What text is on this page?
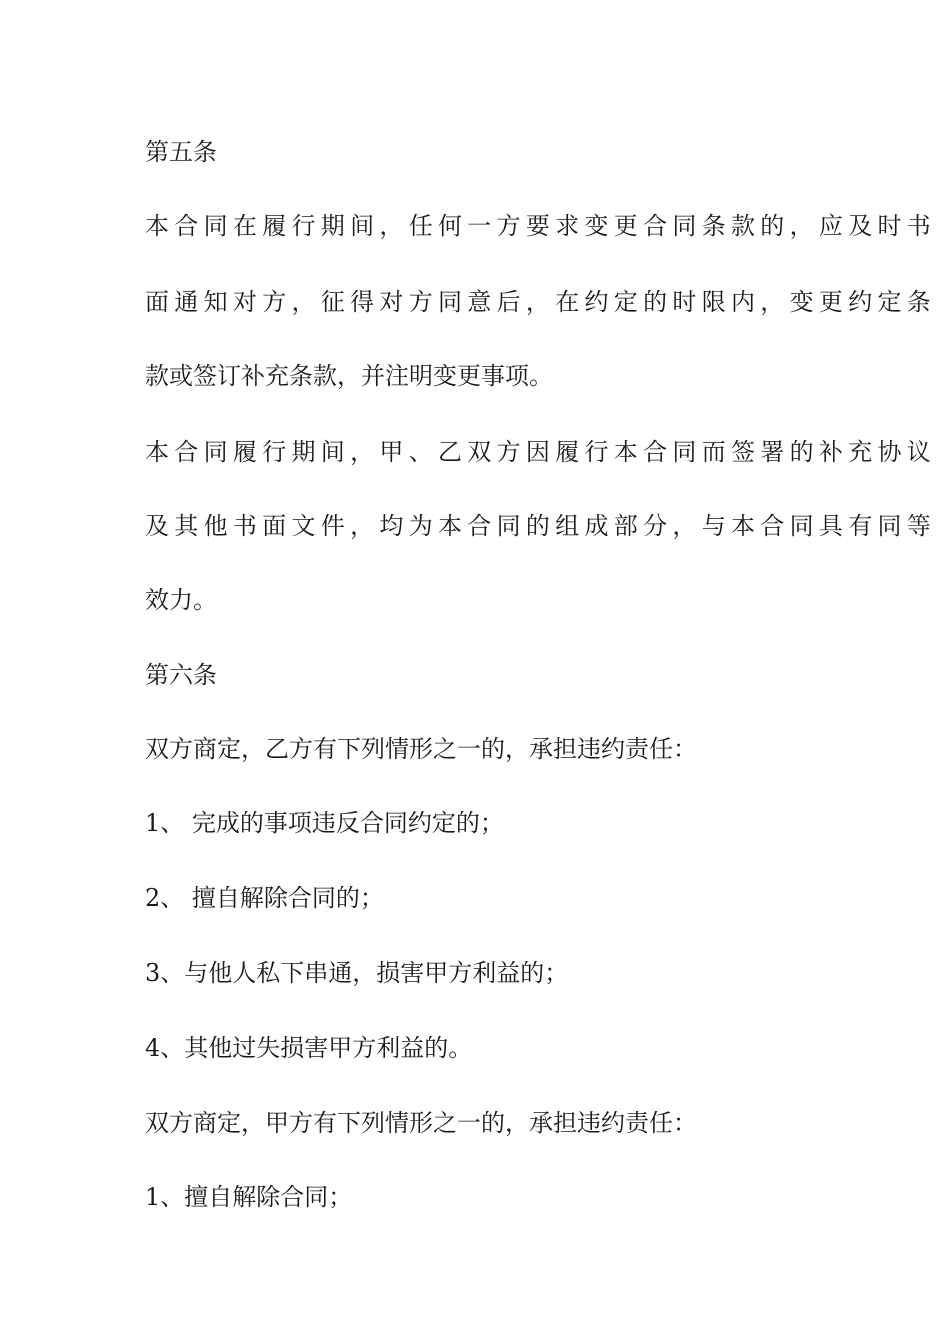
第五条

本合同在履行期间，任何一方要求变更合同条款的，应及时书

面通知对方，征得对方同意后，在约定的时限内，变更约定条

款或签订补充条款，并注明变更事项。

本合同履行期间，甲、乙双方因履行本合同而签署的补充协议

及其他书面文件，均为本合同的组成部分，与本合同具有同等

效力。

第六条

双方商定，乙方有下列情形之一的，承担违约责任：

1、 完成的事项违反合同约定的；

2、 擅自解除合同的；

3、与他人私下串通，损害甲方利益的；

4、其他过失损害甲方利益的。

双方商定，甲方有下列情形之一的，承担违约责任：

1、擅自解除合同；
